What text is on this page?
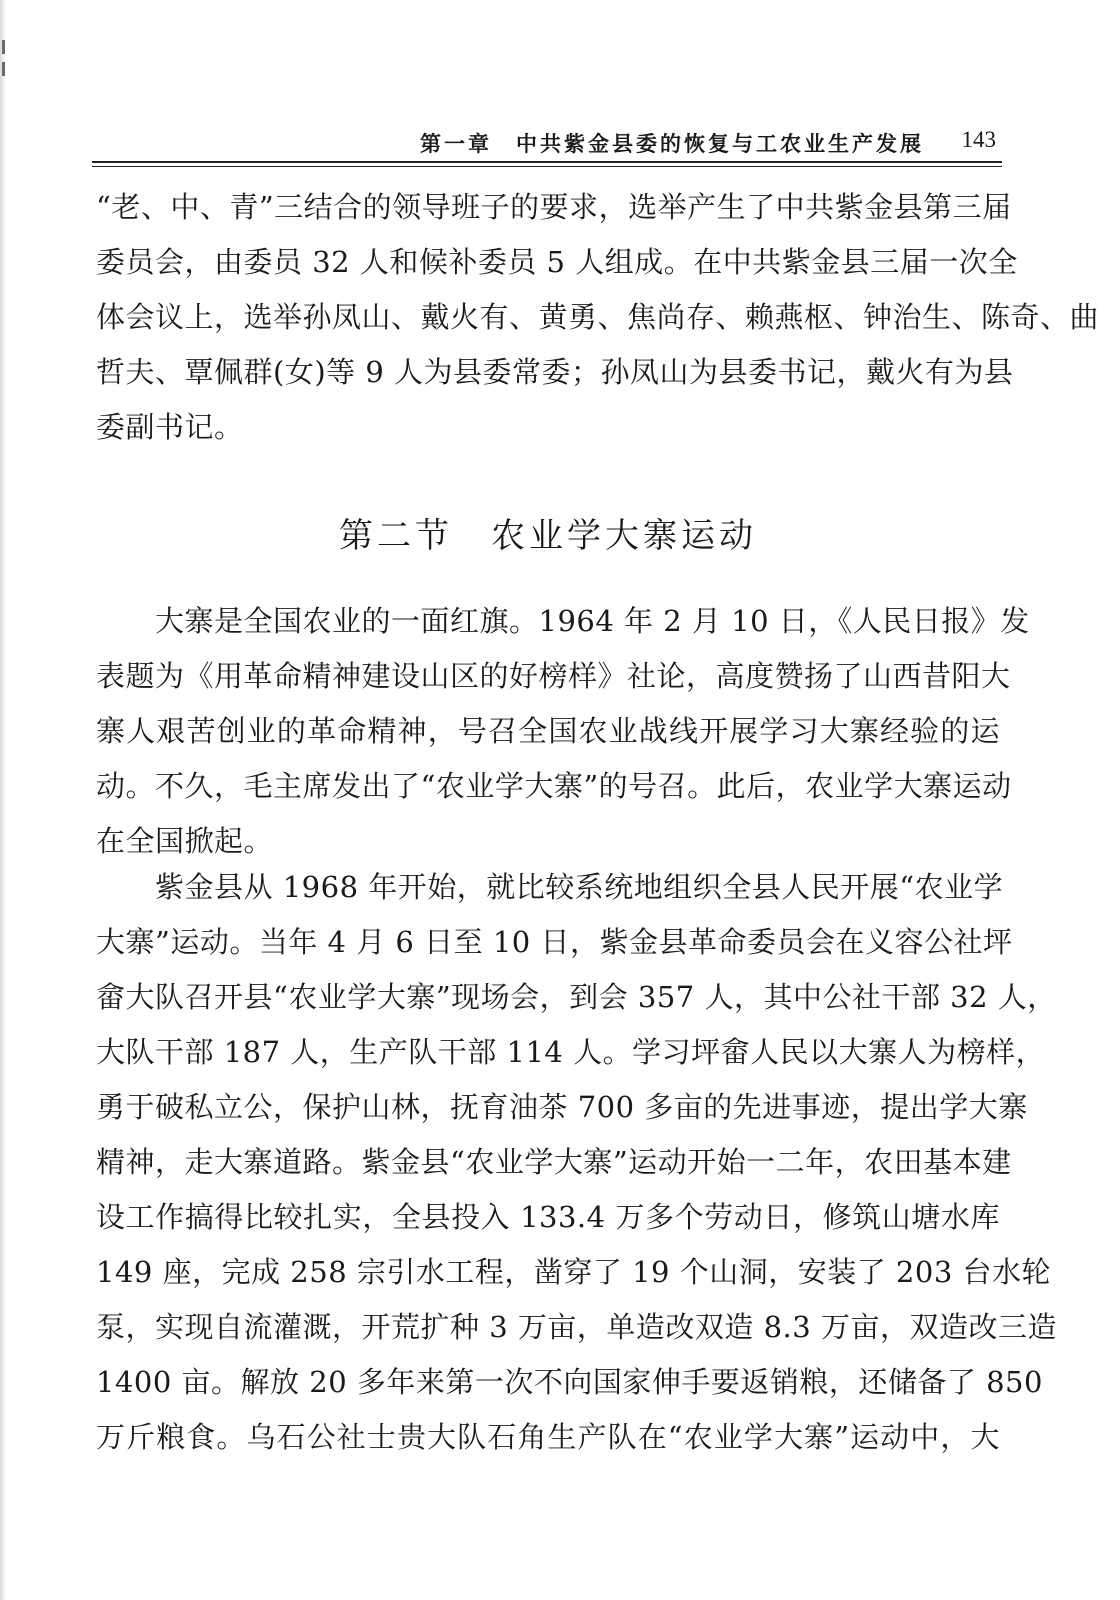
第一章　中共紫金县委的恢复与工农业生产发展 143
“老、中、青”三结合的领导班子的要求，选举产生了中共紫金县第三届
委员会，由委员 32 人和候补委员 5 人组成。在中共紫金县三届一次全
体会议上，选举孙凤山、戴火有、黄勇、焦尚存、赖燕枢、钟治生、陈奇、曲
哲夫、覃佩群(女)等 9 人为县委常委；孙凤山为县委书记，戴火有为县
委副书记。
第二节　农业学大寨运动
　　大寨是全国农业的一面红旗。1964 年 2 月 10 日，《人民日报》发
表题为《用革命精神建设山区的好榜样》社论，高度赞扬了山西昔阳大
寨人艰苦创业的革命精神，号召全国农业战线开展学习大寨经验的运
动。不久，毛主席发出了“农业学大寨”的号召。此后，农业学大寨运动
在全国掀起。
　　紫金县从 1968 年开始，就比较系统地组织全县人民开展“农业学
大寨”运动。当年 4 月 6 日至 10 日，紫金县革命委员会在义容公社坪
畲大队召开县“农业学大寨”现场会，到会 357 人，其中公社干部 32 人，
大队干部 187 人，生产队干部 114 人。学习坪畲人民以大寨人为榜样，
勇于破私立公，保护山林，抚育油茶 700 多亩的先进事迹，提出学大寨
精神，走大寨道路。紫金县“农业学大寨”运动开始一二年，农田基本建
设工作搞得比较扎实，全县投入 133.4 万多个劳动日，修筑山塘水库
149 座，完成 258 宗引水工程，凿穿了 19 个山洞，安装了 203 台水轮
泵，实现自流灌溉，开荒扩种 3 万亩，单造改双造 8.3 万亩，双造改三造
1400 亩。解放 20 多年来第一次不向国家伸手要返销粮，还储备了 850
万斤粮食。乌石公社士贵大队石角生产队在“农业学大寨”运动中，大
